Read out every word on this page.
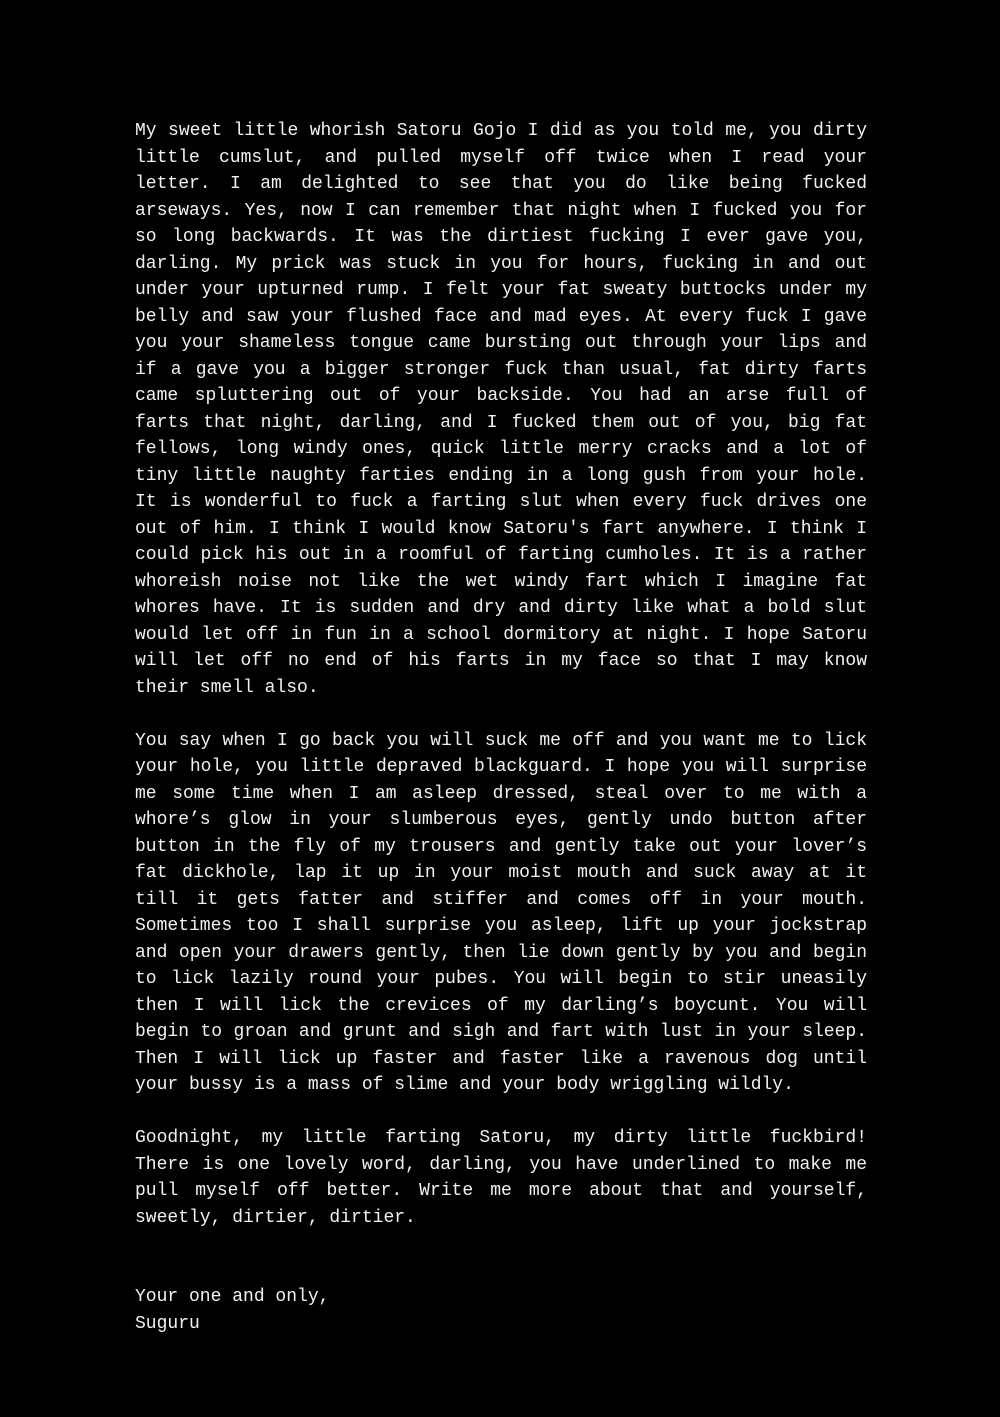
My sweet little whorish Satoru Gojo I did as you told me, you dirty little cumslut, and pulled myself off twice when I read your letter. I am delighted to see that you do like being fucked arseways. Yes, now I can remember that night when I fucked you for so long backwards. It was the dirtiest fucking I ever gave you, darling. My prick was stuck in you for hours, fucking in and out under your upturned rump. I felt your fat sweaty buttocks under my belly and saw your flushed face and mad eyes. At every fuck I gave you your shameless tongue came bursting out through your lips and if a gave you a bigger stronger fuck than usual, fat dirty farts came spluttering out of your backside. You had an arse full of farts that night, darling, and I fucked them out of you, big fat fellows, long windy ones, quick little merry cracks and a lot of tiny little naughty farties ending in a long gush from your hole. It is wonderful to fuck a farting slut when every fuck drives one out of him. I think I would know Satoru's fart anywhere. I think I could pick his out in a roomful of farting cumholes. It is a rather whoreish noise not like the wet windy fart which I imagine fat whores have. It is sudden and dry and dirty like what a bold slut would let off in fun in a school dormitory at night. I hope Satoru will let off no end of his farts in my face so that I may know their smell also.

You say when I go back you will suck me off and you want me to lick your hole, you little depraved blackguard. I hope you will surprise me some time when I am asleep dressed, steal over to me with a whore’s glow in your slumberous eyes, gently undo button after button in the fly of my trousers and gently take out your lover’s fat dickhole, lap it up in your moist mouth and suck away at it till it gets fatter and stiffer and comes off in your mouth. Sometimes too I shall surprise you asleep, lift up your jockstrap and open your drawers gently, then lie down gently by you and begin to lick lazily round your pubes. You will begin to stir uneasily then I will lick the crevices of my darling’s boycunt. You will begin to groan and grunt and sigh and fart with lust in your sleep. Then I will lick up faster and faster like a ravenous dog until your bussy is a mass of slime and your body wriggling wildly.

Goodnight, my little farting Satoru, my dirty little fuckbird! There is one lovely word, darling, you have underlined to make me pull myself off better. Write me more about that and yourself, sweetly, dirtier, dirtier.

Your one and only,

Suguru
